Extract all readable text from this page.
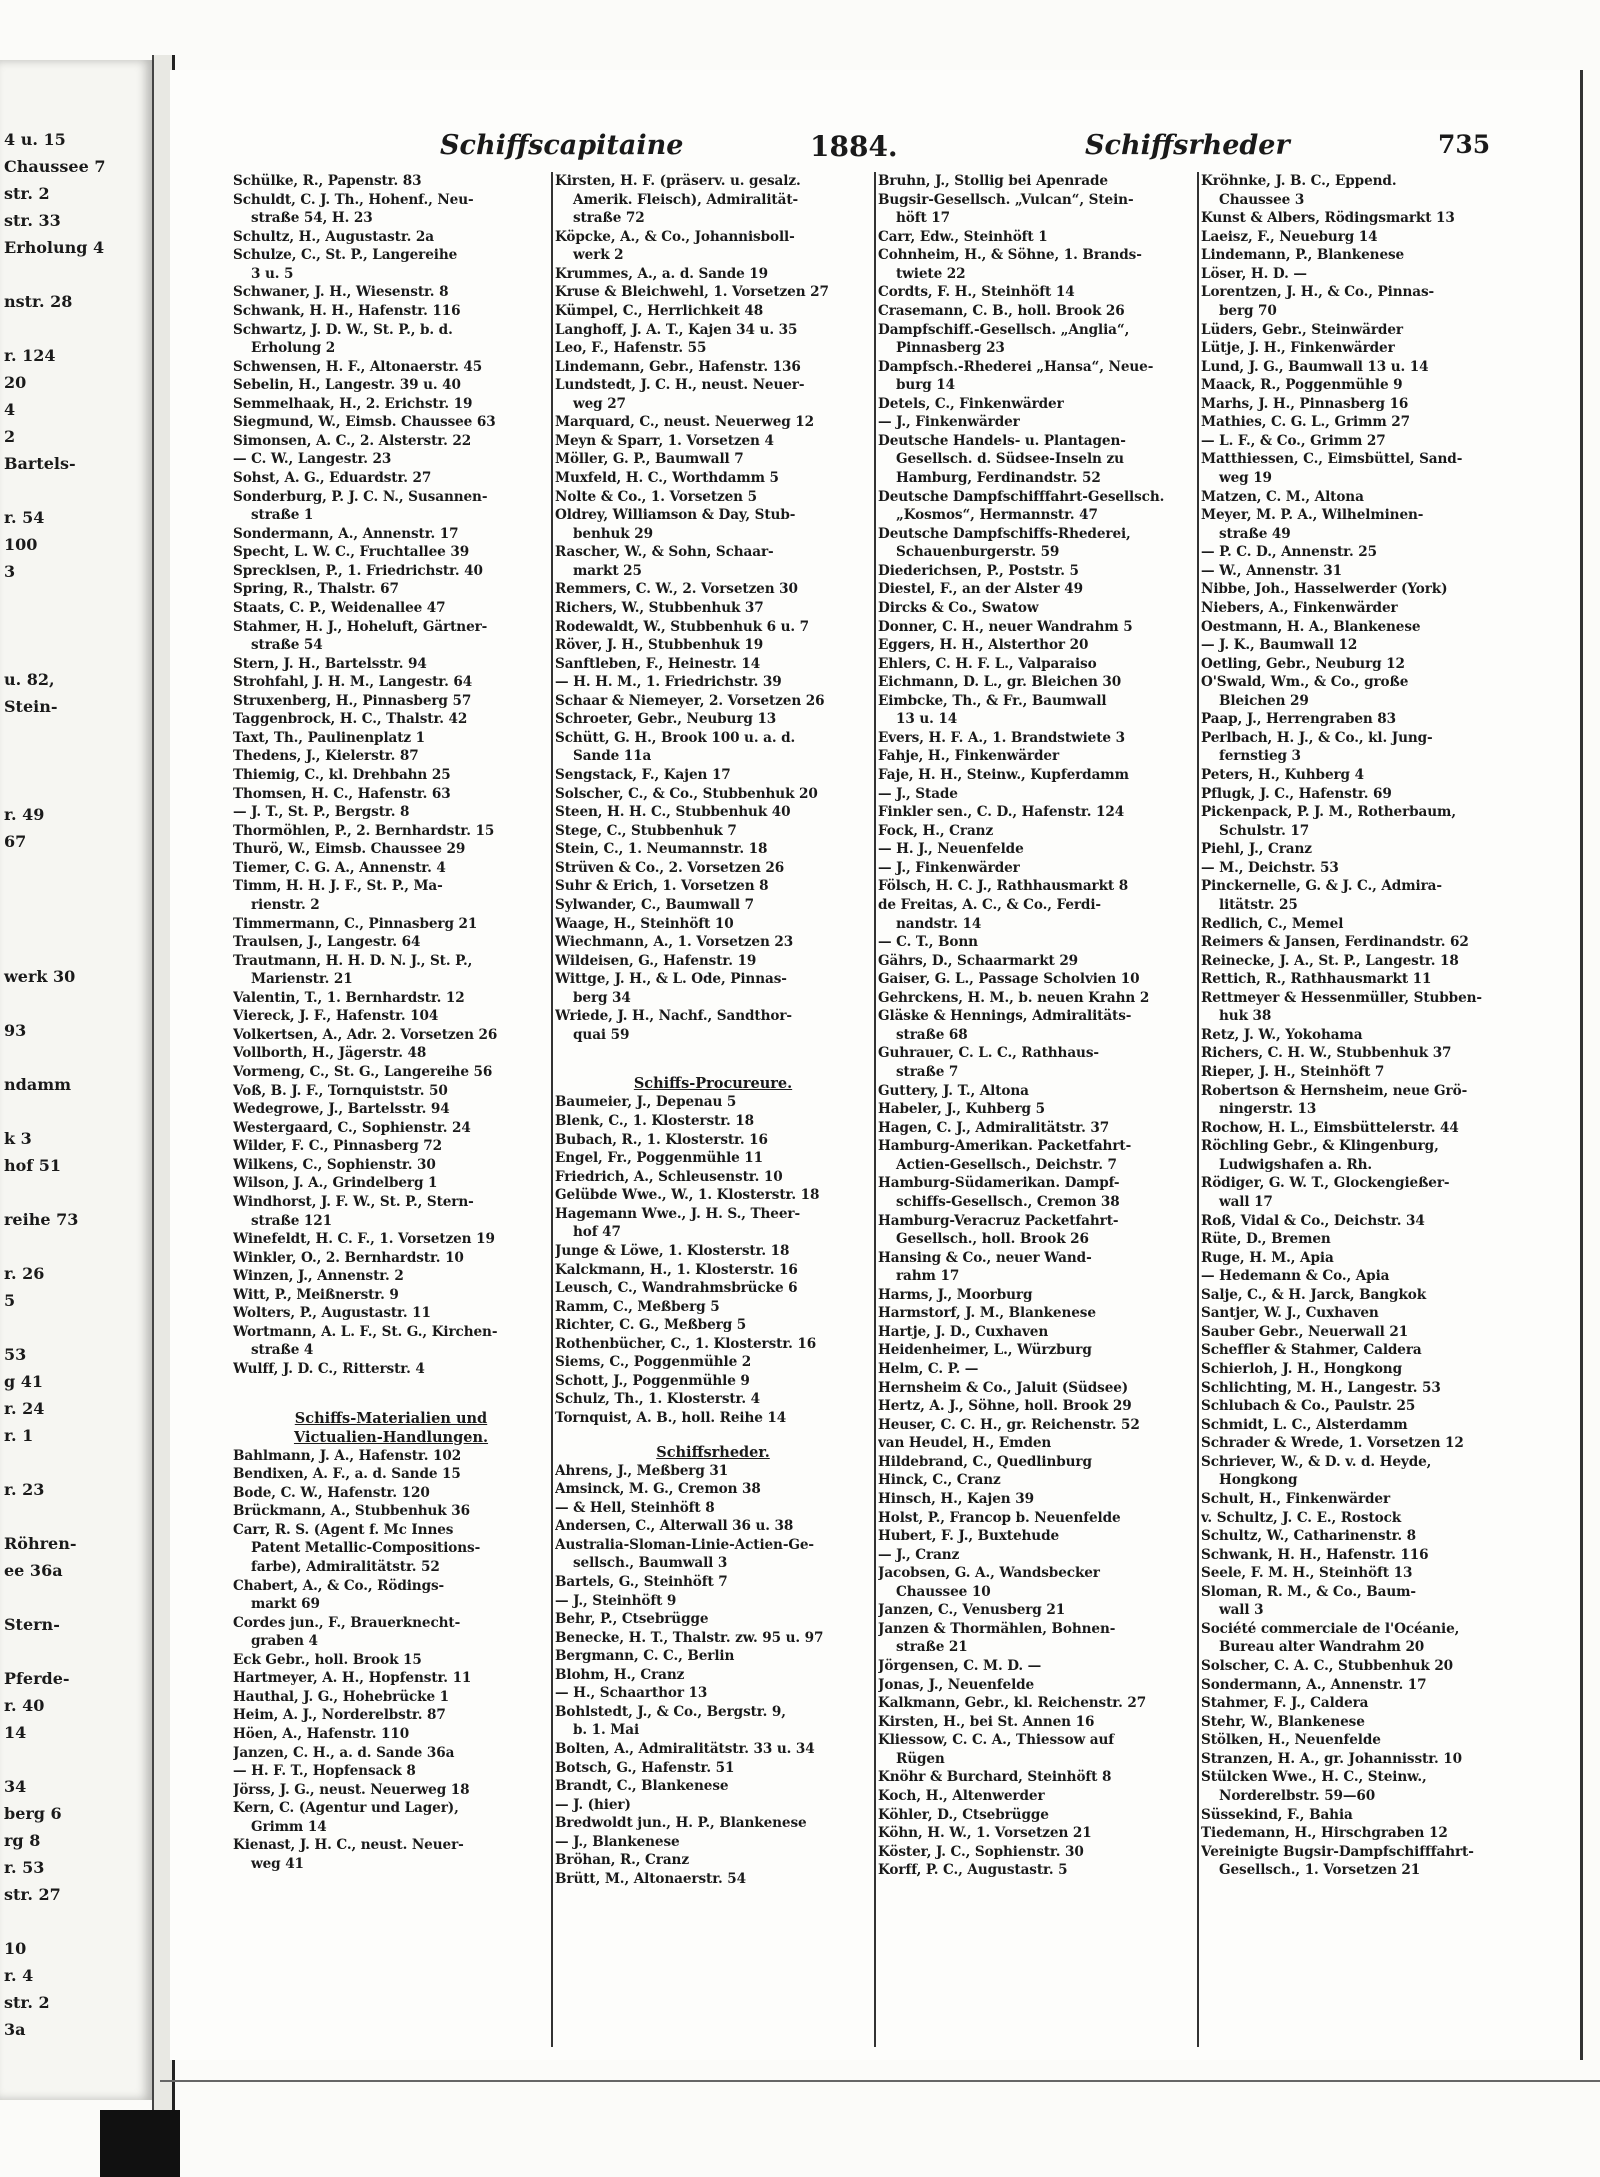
4 u. 15
Chaussee 7
str. 2
str. 33
Erholung 4
nstr. 28
r. 124
20
4
2
Bartels-
r. 54
100
3
u. 82,
Stein-
r. 49
67
werk 30
93
ndamm
k 3
hof 51
reihe 73
r. 26
5
53
g 41
r. 24
r. 1
r. 23
Röhren-
ee 36a
Stern-
Pferde-
r. 40
14
34
berg 6
rg 8
r. 53
str. 27
10
r. 4
str. 2
3a
Schiffscapitaine	1884.	Schiffsrheder	735
Schülke, R., Papenstr. 83
Schuldt, C. J. Th., Hohenf., Neu-
straße 54, H. 23
Schultz, H., Augustastr. 2a
Schulze, C., St. P., Langereihe
3 u. 5
Schwaner, J. H., Wiesenstr. 8
Schwank, H. H., Hafenstr. 116
Schwartz, J. D. W., St. P., b. d.
Erholung 2
Schwensen, H. F., Altonaerstr. 45
Sebelin, H., Langestr. 39 u. 40
Semmelhaak, H., 2. Erichstr. 19
Siegmund, W., Eimsb. Chaussee 63
Simonsen, A. C., 2. Alsterstr. 22
— C. W., Langestr. 23
Sohst, A. G., Eduardstr. 27
Sonderburg, P. J. C. N., Susannen-
straße 1
Sondermann, A., Annenstr. 17
Specht, L. W. C., Fruchtallee 39
Sprecklsen, P., 1. Friedrichstr. 40
Spring, R., Thalstr. 67
Staats, C. P., Weidenallee 47
Stahmer, H. J., Hoheluft, Gärtner-
straße 54
Stern, J. H., Bartelsstr. 94
Strohfahl, J. H. M., Langestr. 64
Struxenberg, H., Pinnasberg 57
Taggenbrock, H. C., Thalstr. 42
Taxt, Th., Paulinenplatz 1
Thedens, J., Kielerstr. 87
Thiemig, C., kl. Drehbahn 25
Thomsen, H. C., Hafenstr. 63
— J. T., St. P., Bergstr. 8
Thormöhlen, P., 2. Bernhardstr. 15
Thurö, W., Eimsb. Chaussee 29
Tiemer, C. G. A., Annenstr. 4
Timm, H. H. J. F., St. P., Ma-
rienstr. 2
Timmermann, C., Pinnasberg 21
Traulsen, J., Langestr. 64
Trautmann, H. H. D. N. J., St. P.,
Marienstr. 21
Valentin, T., 1. Bernhardstr. 12
Viereck, J. F., Hafenstr. 104
Volkertsen, A., Adr. 2. Vorsetzen 26
Vollborth, H., Jägerstr. 48
Vormeng, C., St. G., Langereihe 56
Voß, B. J. F., Tornquiststr. 50
Wedegrowe, J., Bartelsstr. 94
Westergaard, C., Sophienstr. 24
Wilder, F. C., Pinnasberg 72
Wilkens, C., Sophienstr. 30
Wilson, J. A., Grindelberg 1
Windhorst, J. F. W., St. P., Stern-
straße 121
Winefeldt, H. C. F., 1. Vorsetzen 19
Winkler, O., 2. Bernhardstr. 10
Winzen, J., Annenstr. 2
Witt, P., Meißnerstr. 9
Wolters, P., Augustastr. 11
Wortmann, A. L. F., St. G., Kirchen-
straße 4
Wulff, J. D. C., Ritterstr. 4
Schiffs-Materialien und
Victualien-Handlungen.
Bahlmann, J. A., Hafenstr. 102
Bendixen, A. F., a. d. Sande 15
Bode, C. W., Hafenstr. 120
Brückmann, A., Stubbenhuk 36
Carr, R. S. (Agent f. Mc Innes
Patent Metallic-Compositions-
farbe), Admiralitätstr. 52
Chabert, A., & Co., Rödings-
markt 69
Cordes jun., F., Brauerknecht-
graben 4
Eck Gebr., holl. Brook 15
Hartmeyer, A. H., Hopfenstr. 11
Hauthal, J. G., Hohebrücke 1
Heim, A. J., Norderelbstr. 87
Höen, A., Hafenstr. 110
Janzen, C. H., a. d. Sande 36a
— H. F. T., Hopfensack 8
Jörss, J. G., neust. Neuerweg 18
Kern, C. (Agentur und Lager),
Grimm 14
Kienast, J. H. C., neust. Neuer-
weg 41
Kirsten, H. F. (präserv. u. gesalz.
Amerik. Fleisch), Admiralität-
straße 72
Köpcke, A., & Co., Johannisboll-
werk 2
Krummes, A., a. d. Sande 19
Kruse & Bleichwehl, 1. Vorsetzen 27
Kümpel, C., Herrlichkeit 48
Langhoff, J. A. T., Kajen 34 u. 35
Leo, F., Hafenstr. 55
Lindemann, Gebr., Hafenstr. 136
Lundstedt, J. C. H., neust. Neuer-
weg 27
Marquard, C., neust. Neuerweg 12
Meyn & Sparr, 1. Vorsetzen 4
Möller, G. P., Baumwall 7
Muxfeld, H. C., Worthdamm 5
Nolte & Co., 1. Vorsetzen 5
Oldrey, Williamson & Day, Stub-
benhuk 29
Rascher, W., & Sohn, Schaar-
markt 25
Remmers, C. W., 2. Vorsetzen 30
Richers, W., Stubbenhuk 37
Rodewaldt, W., Stubbenhuk 6 u. 7
Röver, J. H., Stubbenhuk 19
Sanftleben, F., Heinestr. 14
— H. H. M., 1. Friedrichstr. 39
Schaar & Niemeyer, 2. Vorsetzen 26
Schroeter, Gebr., Neuburg 13
Schütt, G. H., Brook 100 u. a. d.
Sande 11a
Sengstack, F., Kajen 17
Solscher, C., & Co., Stubbenhuk 20
Steen, H. H. C., Stubbenhuk 40
Stege, C., Stubbenhuk 7
Stein, C., 1. Neumannstr. 18
Strüven & Co., 2. Vorsetzen 26
Suhr & Erich, 1. Vorsetzen 8
Sylwander, C., Baumwall 7
Waage, H., Steinhöft 10
Wiechmann, A., 1. Vorsetzen 23
Wildeisen, G., Hafenstr. 19
Wittge, J. H., & L. Ode, Pinnas-
berg 34
Wriede, J. H., Nachf., Sandthor-
quai 59
Schiffs-Procureure.
Baumeier, J., Depenau 5
Blenk, C., 1. Klosterstr. 18
Bubach, R., 1. Klosterstr. 16
Engel, Fr., Poggenmühle 11
Friedrich, A., Schleusenstr. 10
Gelübde Wwe., W., 1. Klosterstr. 18
Hagemann Wwe., J. H. S., Theer-
hof 47
Junge & Löwe, 1. Klosterstr. 18
Kalckmann, H., 1. Klosterstr. 16
Leusch, C., Wandrahmsbrücke 6
Ramm, C., Meßberg 5
Richter, C. G., Meßberg 5
Rothenbücher, C., 1. Klosterstr. 16
Siems, C., Poggenmühle 2
Schott, J., Poggenmühle 9
Schulz, Th., 1. Klosterstr. 4
Tornquist, A. B., holl. Reihe 14
Schiffsrheder.
Ahrens, J., Meßberg 31
Amsinck, M. G., Cremon 38
— & Hell, Steinhöft 8
Andersen, C., Alterwall 36 u. 38
Australia-Sloman-Linie-Actien-Ge-
sellsch., Baumwall 3
Bartels, G., Steinhöft 7
— J., Steinhöft 9
Behr, P., Ctsebrügge
Benecke, H. T., Thalstr. zw. 95 u. 97
Bergmann, C. C., Berlin
Blohm, H., Cranz
— H., Schaarthor 13
Bohlstedt, J., & Co., Bergstr. 9,
b. 1. Mai
Bolten, A., Admiralitätstr. 33 u. 34
Botsch, G., Hafenstr. 51
Brandt, C., Blankenese
— J. (hier)
Bredwoldt jun., H. P., Blankenese
— J., Blankenese
Bröhan, R., Cranz
Brütt, M., Altonaerstr. 54
Bruhn, J., Stollig bei Apenrade
Bugsir-Gesellsch. „Vulcan“, Stein-
höft 17
Carr, Edw., Steinhöft 1
Cohnheim, H., & Söhne, 1. Brands-
twiete 22
Cordts, F. H., Steinhöft 14
Crasemann, C. B., holl. Brook 26
Dampfschiff.-Gesellsch. „Anglia“,
Pinnasberg 23
Dampfsch.-Rhederei „Hansa“, Neue-
burg 14
Detels, C., Finkenwärder
— J., Finkenwärder
Deutsche Handels- u. Plantagen-
Gesellsch. d. Südsee-Inseln zu
Hamburg, Ferdinandstr. 52
Deutsche Dampfschifffahrt-Gesellsch.
„Kosmos“, Hermannstr. 47
Deutsche Dampfschiffs-Rhederei,
Schauenburgerstr. 59
Diederichsen, P., Poststr. 5
Diestel, F., an der Alster 49
Dircks & Co., Swatow
Donner, C. H., neuer Wandrahm 5
Eggers, H. H., Alsterthor 20
Ehlers, C. H. F. L., Valparaiso
Eichmann, D. L., gr. Bleichen 30
Eimbcke, Th., & Fr., Baumwall
13 u. 14
Evers, H. F. A., 1. Brandstwiete 3
Fahje, H., Finkenwärder
Faje, H. H., Steinw., Kupferdamm
— J., Stade
Finkler sen., C. D., Hafenstr. 124
Fock, H., Cranz
— H. J., Neuenfelde
— J., Finkenwärder
Fölsch, H. C. J., Rathhausmarkt 8
de Freitas, A. C., & Co., Ferdi-
nandstr. 14
— C. T., Bonn
Gährs, D., Schaarmarkt 29
Gaiser, G. L., Passage Scholvien 10
Gehrckens, H. M., b. neuen Krahn 2
Gläske & Hennings, Admiralitäts-
straße 68
Guhrauer, C. L. C., Rathhaus-
straße 7
Guttery, J. T., Altona
Habeler, J., Kuhberg 5
Hagen, C. J., Admiralitätstr. 37
Hamburg-Amerikan. Packetfahrt-
Actien-Gesellsch., Deichstr. 7
Hamburg-Südamerikan. Dampf-
schiffs-Gesellsch., Cremon 38
Hamburg-Veracruz Packetfahrt-
Gesellsch., holl. Brook 26
Hansing & Co., neuer Wand-
rahm 17
Harms, J., Moorburg
Harmstorf, J. M., Blankenese
Hartje, J. D., Cuxhaven
Heidenheimer, L., Würzburg
Helm, C. P. —
Hernsheim & Co., Jaluit (Südsee)
Hertz, A. J., Söhne, holl. Brook 29
Heuser, C. C. H., gr. Reichenstr. 52
van Heudel, H., Emden
Hildebrand, C., Quedlinburg
Hinck, C., Cranz
Hinsch, H., Kajen 39
Holst, P., Francop b. Neuenfelde
Hubert, F. J., Buxtehude
— J., Cranz
Jacobsen, G. A., Wandsbecker
Chaussee 10
Janzen, C., Venusberg 21
Janzen & Thormählen, Bohnen-
straße 21
Jörgensen, C. M. D. —
Jonas, J., Neuenfelde
Kalkmann, Gebr., kl. Reichenstr. 27
Kirsten, H., bei St. Annen 16
Kliessow, C. C. A., Thiessow auf
Rügen
Knöhr & Burchard, Steinhöft 8
Koch, H., Altenwerder
Köhler, D., Ctsebrügge
Köhn, H. W., 1. Vorsetzen 21
Köster, J. C., Sophienstr. 30
Korff, P. C., Augustastr. 5
Kröhnke, J. B. C., Eppend.
Chaussee 3
Kunst & Albers, Rödingsmarkt 13
Laeisz, F., Neueburg 14
Lindemann, P., Blankenese
Löser, H. D. —
Lorentzen, J. H., & Co., Pinnas-
berg 70
Lüders, Gebr., Steinwärder
Lütje, J. H., Finkenwärder
Lund, J. G., Baumwall 13 u. 14
Maack, R., Poggenmühle 9
Marhs, J. H., Pinnasberg 16
Mathies, C. G. L., Grimm 27
— L. F., & Co., Grimm 27
Matthiessen, C., Eimsbüttel, Sand-
weg 19
Matzen, C. M., Altona
Meyer, M. P. A., Wilhelminen-
straße 49
— P. C. D., Annenstr. 25
— W., Annenstr. 31
Nibbe, Joh., Hasselwerder (York)
Niebers, A., Finkenwärder
Oestmann, H. A., Blankenese
— J. K., Baumwall 12
Oetling, Gebr., Neuburg 12
O'Swald, Wm., & Co., große
Bleichen 29
Paap, J., Herrengraben 83
Perlbach, H. J., & Co., kl. Jung-
fernstieg 3
Peters, H., Kuhberg 4
Pflugk, J. C., Hafenstr. 69
Pickenpack, P. J. M., Rotherbaum,
Schulstr. 17
Piehl, J., Cranz
— M., Deichstr. 53
Pinckernelle, G. & J. C., Admira-
litätstr. 25
Redlich, C., Memel
Reimers & Jansen, Ferdinandstr. 62
Reinecke, J. A., St. P., Langestr. 18
Rettich, R., Rathhausmarkt 11
Rettmeyer & Hessenmüller, Stubben-
huk 38
Retz, J. W., Yokohama
Richers, C. H. W., Stubbenhuk 37
Rieper, J. H., Steinhöft 7
Robertson & Hernsheim, neue Grö-
ningerstr. 13
Rochow, H. L., Eimsbüttelerstr. 44
Röchling Gebr., & Klingenburg,
Ludwigshafen a. Rh.
Rödiger, G. W. T., Glockengießer-
wall 17
Roß, Vidal & Co., Deichstr. 34
Rüte, D., Bremen
Ruge, H. M., Apia
— Hedemann & Co., Apia
Salje, C., & H. Jarck, Bangkok
Santjer, W. J., Cuxhaven
Sauber Gebr., Neuerwall 21
Scheffler & Stahmer, Caldera
Schierloh, J. H., Hongkong
Schlichting, M. H., Langestr. 53
Schlubach & Co., Paulstr. 25
Schmidt, L. C., Alsterdamm
Schrader & Wrede, 1. Vorsetzen 12
Schriever, W., & D. v. d. Heyde,
Hongkong
Schult, H., Finkenwärder
v. Schultz, J. C. E., Rostock
Schultz, W., Catharinenstr. 8
Schwank, H. H., Hafenstr. 116
Seele, F. M. H., Steinhöft 13
Sloman, R. M., & Co., Baum-
wall 3
Société commerciale de l'Océanie,
Bureau alter Wandrahm 20
Solscher, C. A. C., Stubbenhuk 20
Sondermann, A., Annenstr. 17
Stahmer, F. J., Caldera
Stehr, W., Blankenese
Stölken, H., Neuenfelde
Stranzen, H. A., gr. Johannisstr. 10
Stülcken Wwe., H. C., Steinw.,
Norderelbstr. 59—60
Süssekind, F., Bahia
Tiedemann, H., Hirschgraben 12
Vereinigte Bugsir-Dampfschifffahrt-
Gesellsch., 1. Vorsetzen 21
